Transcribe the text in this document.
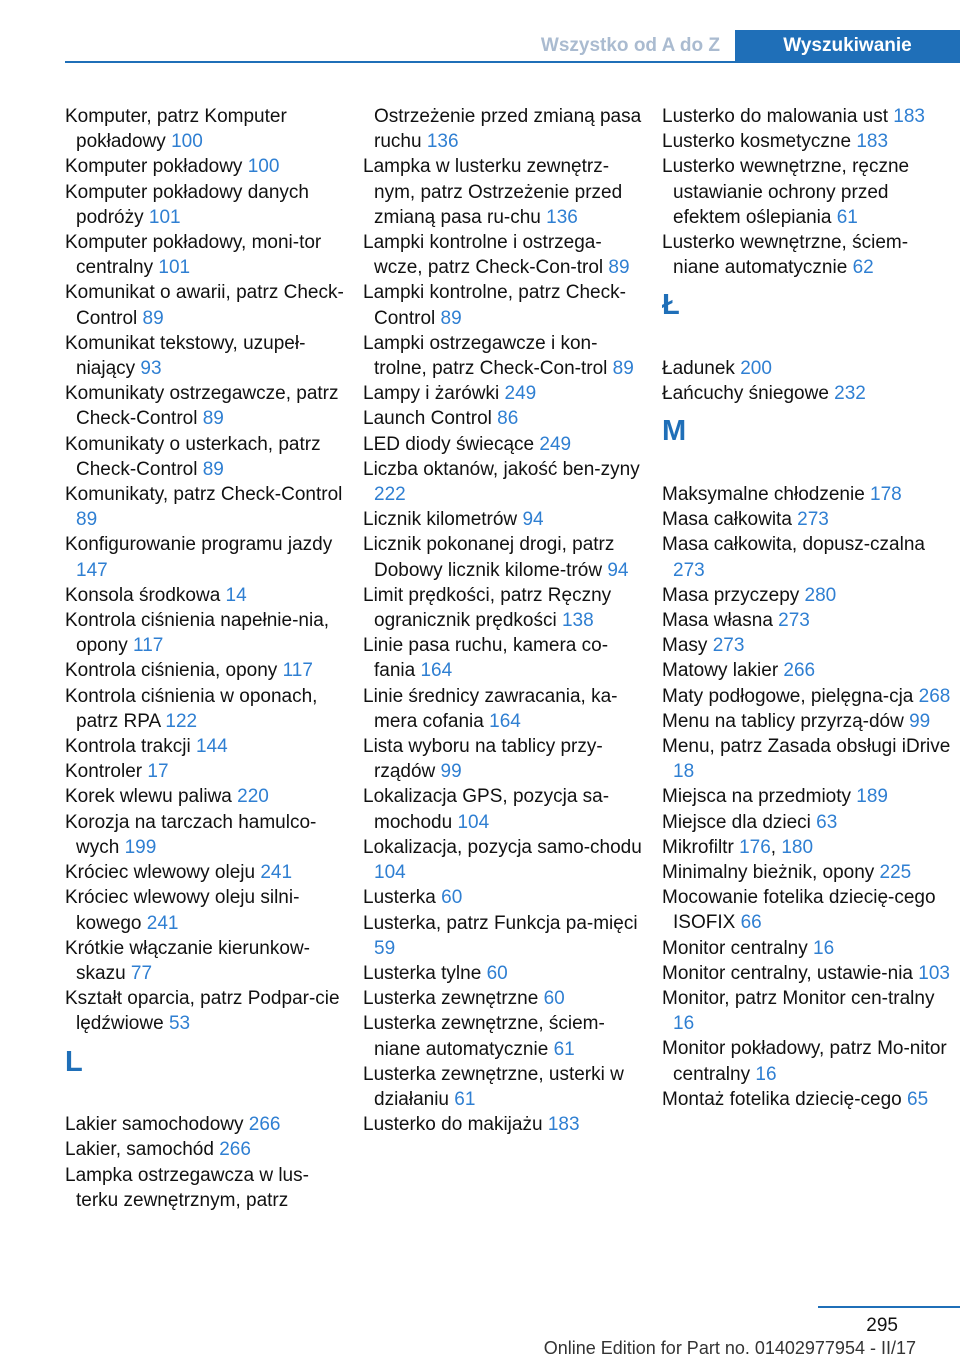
Wszystko od A do Z	Wyszukiwanie

Komputer, patrz Komputer pokładowy 100

Komputer pokładowy 100

Komputer pokładowy danych podróży 101

Komputer pokładowy, moni‐tor centralny 101

Komunikat o awarii, patrz Check-Control 89

Komunikat tekstowy, uzupeł‐niający 93

Komunikaty ostrzegawcze, patrz Check-Control 89

Komunikaty o usterkach, patrz Check-Control 89

Komunikaty, patrz Check-Control 89

Konfigurowanie programu jazdy 147

Konsola środkowa 14

Kontrola ciśnienia napełnie‐nia, opony 117

Kontrola ciśnienia, opony 117

Kontrola ciśnienia w oponach, patrz RPA 122

Kontrola trakcji 144

Kontroler 17

Korek wlewu paliwa 220

Korozja na tarczach hamulco‐wych 199

Króciec wlewowy oleju 241

Króciec wlewowy oleju silni‐kowego 241

Krótkie włączanie kierunkow‐skazu 77

Kształt oparcia, patrz Podpar‐cie lędźwiowe 53

L

Lakier samochodowy 266

Lakier, samochód 266

Lampka ostrzegawcza w lus‐terku zewnętrznym, patrz

Ostrzeżenie przed zmianą pasa ruchu 136

Lampka w lusterku zewnętrz‐nym, patrz Ostrzeżenie przed zmianą pasa ru‐chu 136

Lampki kontrolne i ostrzega‐wcze, patrz Check-Con‐trol 89

Lampki kontrolne, patrz Check-Control 89

Lampki ostrzegawcze i kon‐trolne, patrz Check-Con‐trol 89

Lampy i żarówki 249

Launch Control 86

LED diody świecące 249

Liczba oktanów, jakość ben‐zyny 222

Licznik kilometrów 94

Licznik pokonanej drogi, patrz Dobowy licznik kilome‐trów 94

Limit prędkości, patrz Ręczny ogranicznik prędkości 138

Linie pasa ruchu, kamera co‐fania 164

Linie średnicy zawracania, ka‐mera cofania 164

Lista wyboru na tablicy przy‐rządów 99

Lokalizacja GPS, pozycja sa‐mochodu 104

Lokalizacja, pozycja samo‐chodu 104

Lusterka 60

Lusterka, patrz Funkcja pa‐mięci 59

Lusterka tylne 60

Lusterka zewnętrzne 60

Lusterka zewnętrzne, ściem‐niane automatycznie 61

Lusterka zewnętrzne, usterki w działaniu 61

Lusterko do makijażu 183

Lusterko do malowania ust 183

Lusterko kosmetyczne 183

Lusterko wewnętrzne, ręczne ustawianie ochrony przed efektem oślepiania 61

Lusterko wewnętrzne, ściem‐niane automatycznie 62

Ł

Ładunek 200

Łańcuchy śniegowe 232

M

Maksymalne chłodzenie 178

Masa całkowita 273

Masa całkowita, dopusz‐czalna 273

Masa przyczepy 280

Masa własna 273

Masy 273

Matowy lakier 266

Maty podłogowe, pielęgna‐cja 268

Menu na tablicy przyrzą‐dów 99

Menu, patrz Zasada obsługi iDrive 18

Miejsca na przedmioty 189

Miejsce dla dzieci 63

Mikrofiltr 176, 180

Minimalny bieżnik, opony 225

Mocowanie fotelika dziecię‐cego ISOFIX 66

Monitor centralny 16

Monitor centralny, ustawie‐nia 103

Monitor, patrz Monitor cen‐tralny 16

Monitor pokładowy, patrz Mo‐nitor centralny 16

Montaż fotelika dziecię‐cego 65

295
Online Edition for Part no. 01402977954 - II/17
